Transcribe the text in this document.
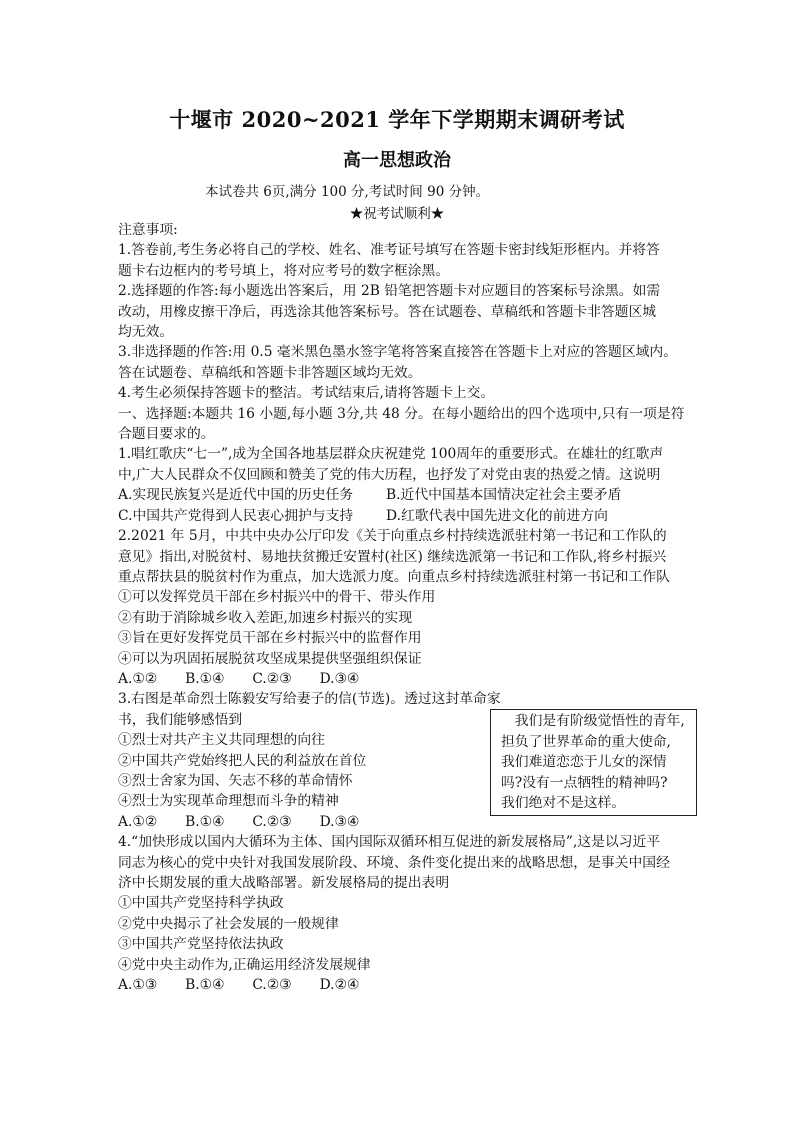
十堰市 2020~2021 学年下学期期末调研考试
高一思想政治
本试卷共 6页,满分 100 分,考试时间 90 分钟。
★祝考试顺利★

注意事项:

1.答卷前,考生务必将自己的学校、姓名、准考证号填写在答题卡密封线矩形框内。并将答

题卡右边框内的考号填上，将对应考号的数字框涂黑。

2.选择题的作答:每小题选出答案后，用 2B 铅笔把答题卡对应题目的答案标号涂黑。如需

改动，用橡皮擦干净后，再选涂其他答案标号。答在试题卷、草稿纸和答题卡非答题区城

均无效。

3.非选择题的作答:用 0.5 毫米黑色墨水签字笔将答案直接答在答题卡上对应的答题区域内。

答在试题卷、草稿纸和答题卡非答题区域均无效。

4.考生必须保持答题卡的整洁。考试结束后,请将答题卡上交。

一、选择题:本题共 16 小题,每小题 3分,共 48 分。在每小题给出的四个选项中,只有一项是符

合题目要求的。

1.唱红歌庆“七一”,成为全国各地基层群众庆祝建党 100周年的重要形式。在雄壮的红歌声

中,广大人民群众不仅回顾和赞美了党的伟大历程，也抒发了对党由衷的热爱之情。这说明

A.实现民族复兴是近代中国的历史任务	B.近代中国基本国情决定社会主要矛盾
C.中国共产党得到人民衷心拥护与支持	D.红歌代表中国先进文化的前进方向

2.2021 年 5月，中共中央办公厅印发《关于向重点乡村持续选派驻村第一书记和工作队的

意见》指出,对脱贫村、易地扶贫搬迁安置村(社区) 继续选派第一书记和工作队,将乡村振兴

重点帮扶县的脱贫村作为重点，加大选派力度。向重点乡村持续选派驻村第一书记和工作队

①可以发挥党员干部在乡村振兴中的骨干、带头作用

②有助于消除城乡收入差距,加速乡村振兴的实现

③旨在更好发挥党员干部在乡村振兴中的监督作用

④可以为巩固拓展脱贫攻坚成果提供坚强组织保证

A.①② B.①④ C.②③ D.③④

3.右图是革命烈士陈毅安写给妻子的信(节选)。透过这封革命家

书，我们能够感悟到

①烈士对共产主义共同理想的向往

②中国共产党始终把人民的利益放在首位

③烈士舍家为国、矢志不移的革命情怀

④烈士为实现革命理想而斗争的精神

A.①② B.①④ C.②③ D.③④

我们是有阶级觉悟性的青年,
担负了世界革命的重大使命,
我们难道恋恋于儿女的深情
吗?没有一点牺牲的精神吗?
我们绝对不是这样。

4.“加快形成以国内大循环为主体、国内国际双循环相互促进的新发展格局”,这是以习近平

同志为核心的党中央针对我国发展阶段、环境、条件变化提出来的战略思想，是事关中国经

济中长期发展的重大战略部署。新发展格局的提出表明

①中国共产党坚持科学执政

②党中央揭示了社会发展的一般规律

③中国共产党坚持依法执政

④党中央主动作为,正确运用经济发展规律

A.①③ B.①④ C.②③ D.②④
